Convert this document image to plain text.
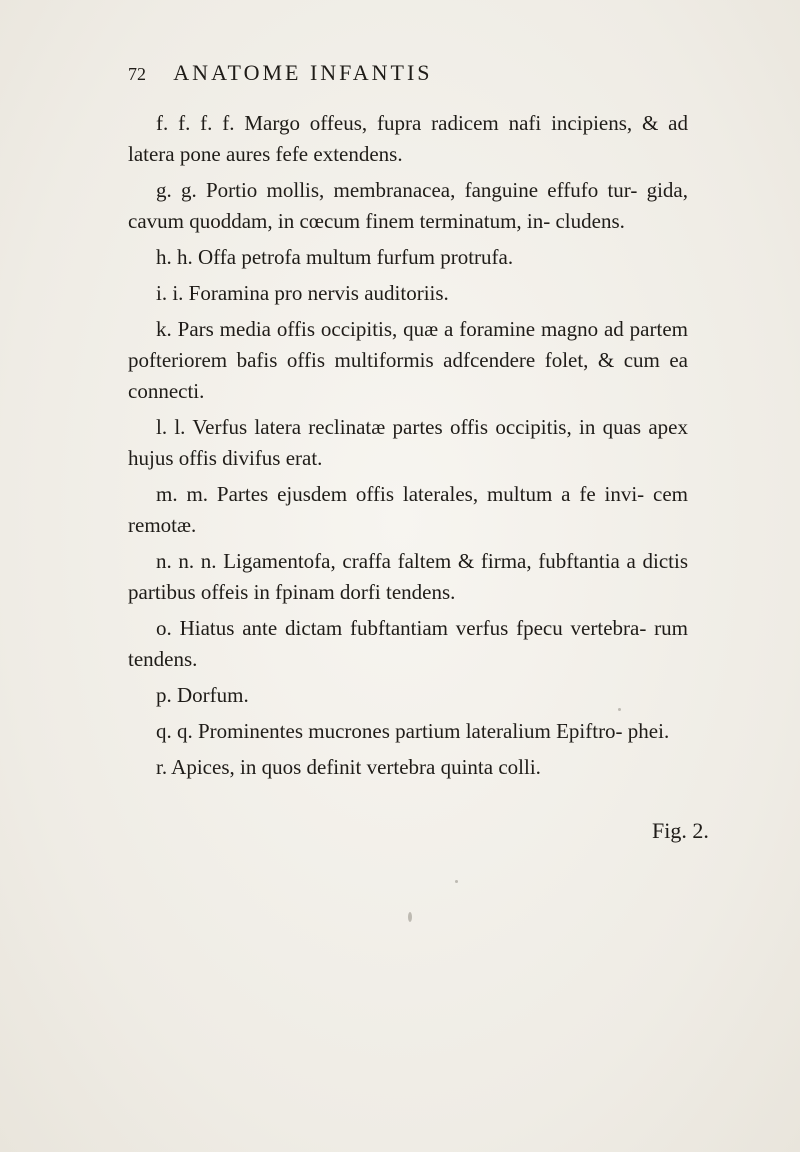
72 ANATOME INFANTIS

f. f. f. f. Margo offeus, fupra radicem nafi incipiens, & ad latera pone aures fefe extendens.

g. g. Portio mollis, membranacea, fanguine effufo tur- gida, cavum quoddam, in cœcum finem terminatum, in- cludens.

h. h. Offa petrofa multum furfum protrufa.

i. i. Foramina pro nervis auditoriis.

k. Pars media offis occipitis, quæ a foramine magno ad partem pofteriorem bafis offis multiformis adfcendere folet, & cum ea connecti.

l. l. Verfus latera reclinatæ partes offis occipitis, in quas apex hujus offis divifus erat.

m. m. Partes ejusdem offis laterales, multum a fe invi- cem remotæ.

n. n. n. Ligamentofa, craffa faltem & firma, fubftantia a dictis partibus offeis in fpinam dorfi tendens.

o. Hiatus ante dictam fubftantiam verfus fpecu vertebra- rum tendens.

p. Dorfum.

q. q. Prominentes mucrones partium lateralium Epiftro- phei.

r. Apices, in quos definit vertebra quinta colli.

Fig. 2.
